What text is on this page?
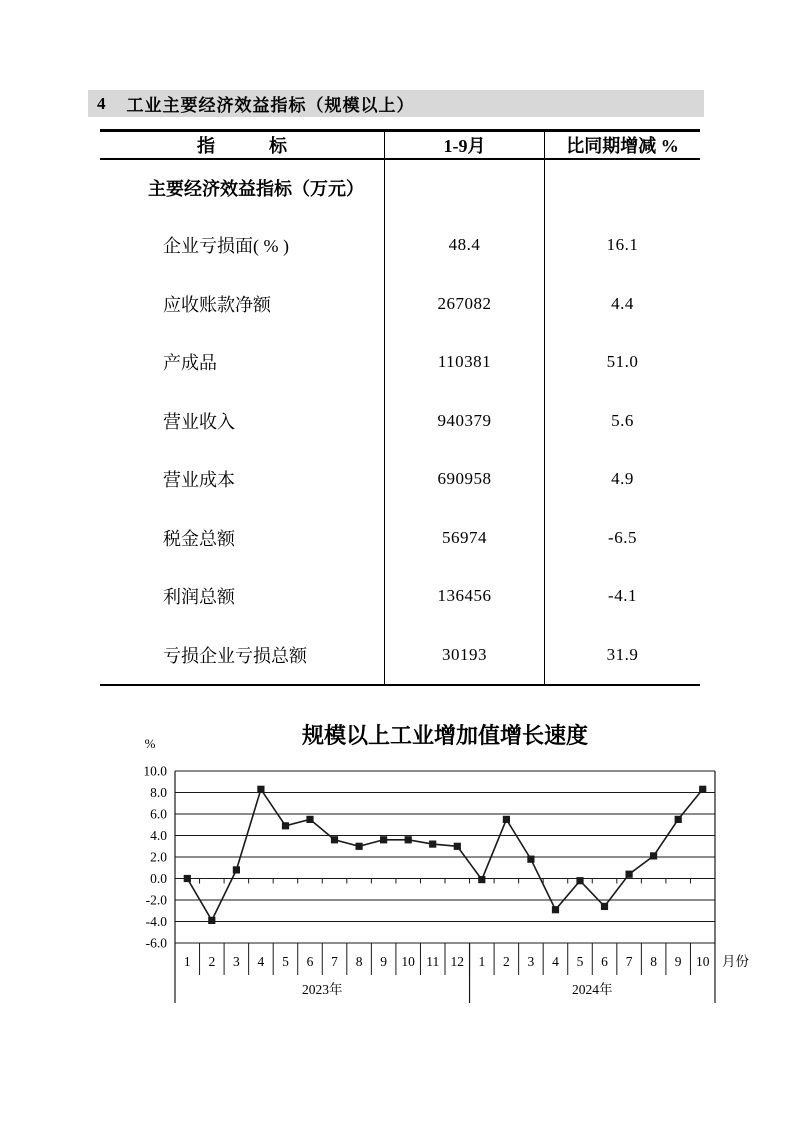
4 工业主要经济效益指标（规模以上）
指　　　标	1-9月	比同期增减 %
主要经济效益指标（万元）
企业亏损面( % )	48.4	16.1
应收账款净额	267082	4.4
产成品	110381	51.0
营业收入	940379	5.6
营业成本	690958	4.9
税金总额	56974	-6.5
利润总额	136456	-4.1
亏损企业亏损总额	30193	31.9
规模以上工业增加值增长速度
%
10.0
8.0
6.0
4.0
2.0
0.0
-2.0
-4.0
-6.0
1 2 3 4 5 6 7 8 9 10 11 12
2023年
1 2 3 4 5 6 7 8 9 10
2024年
月份
